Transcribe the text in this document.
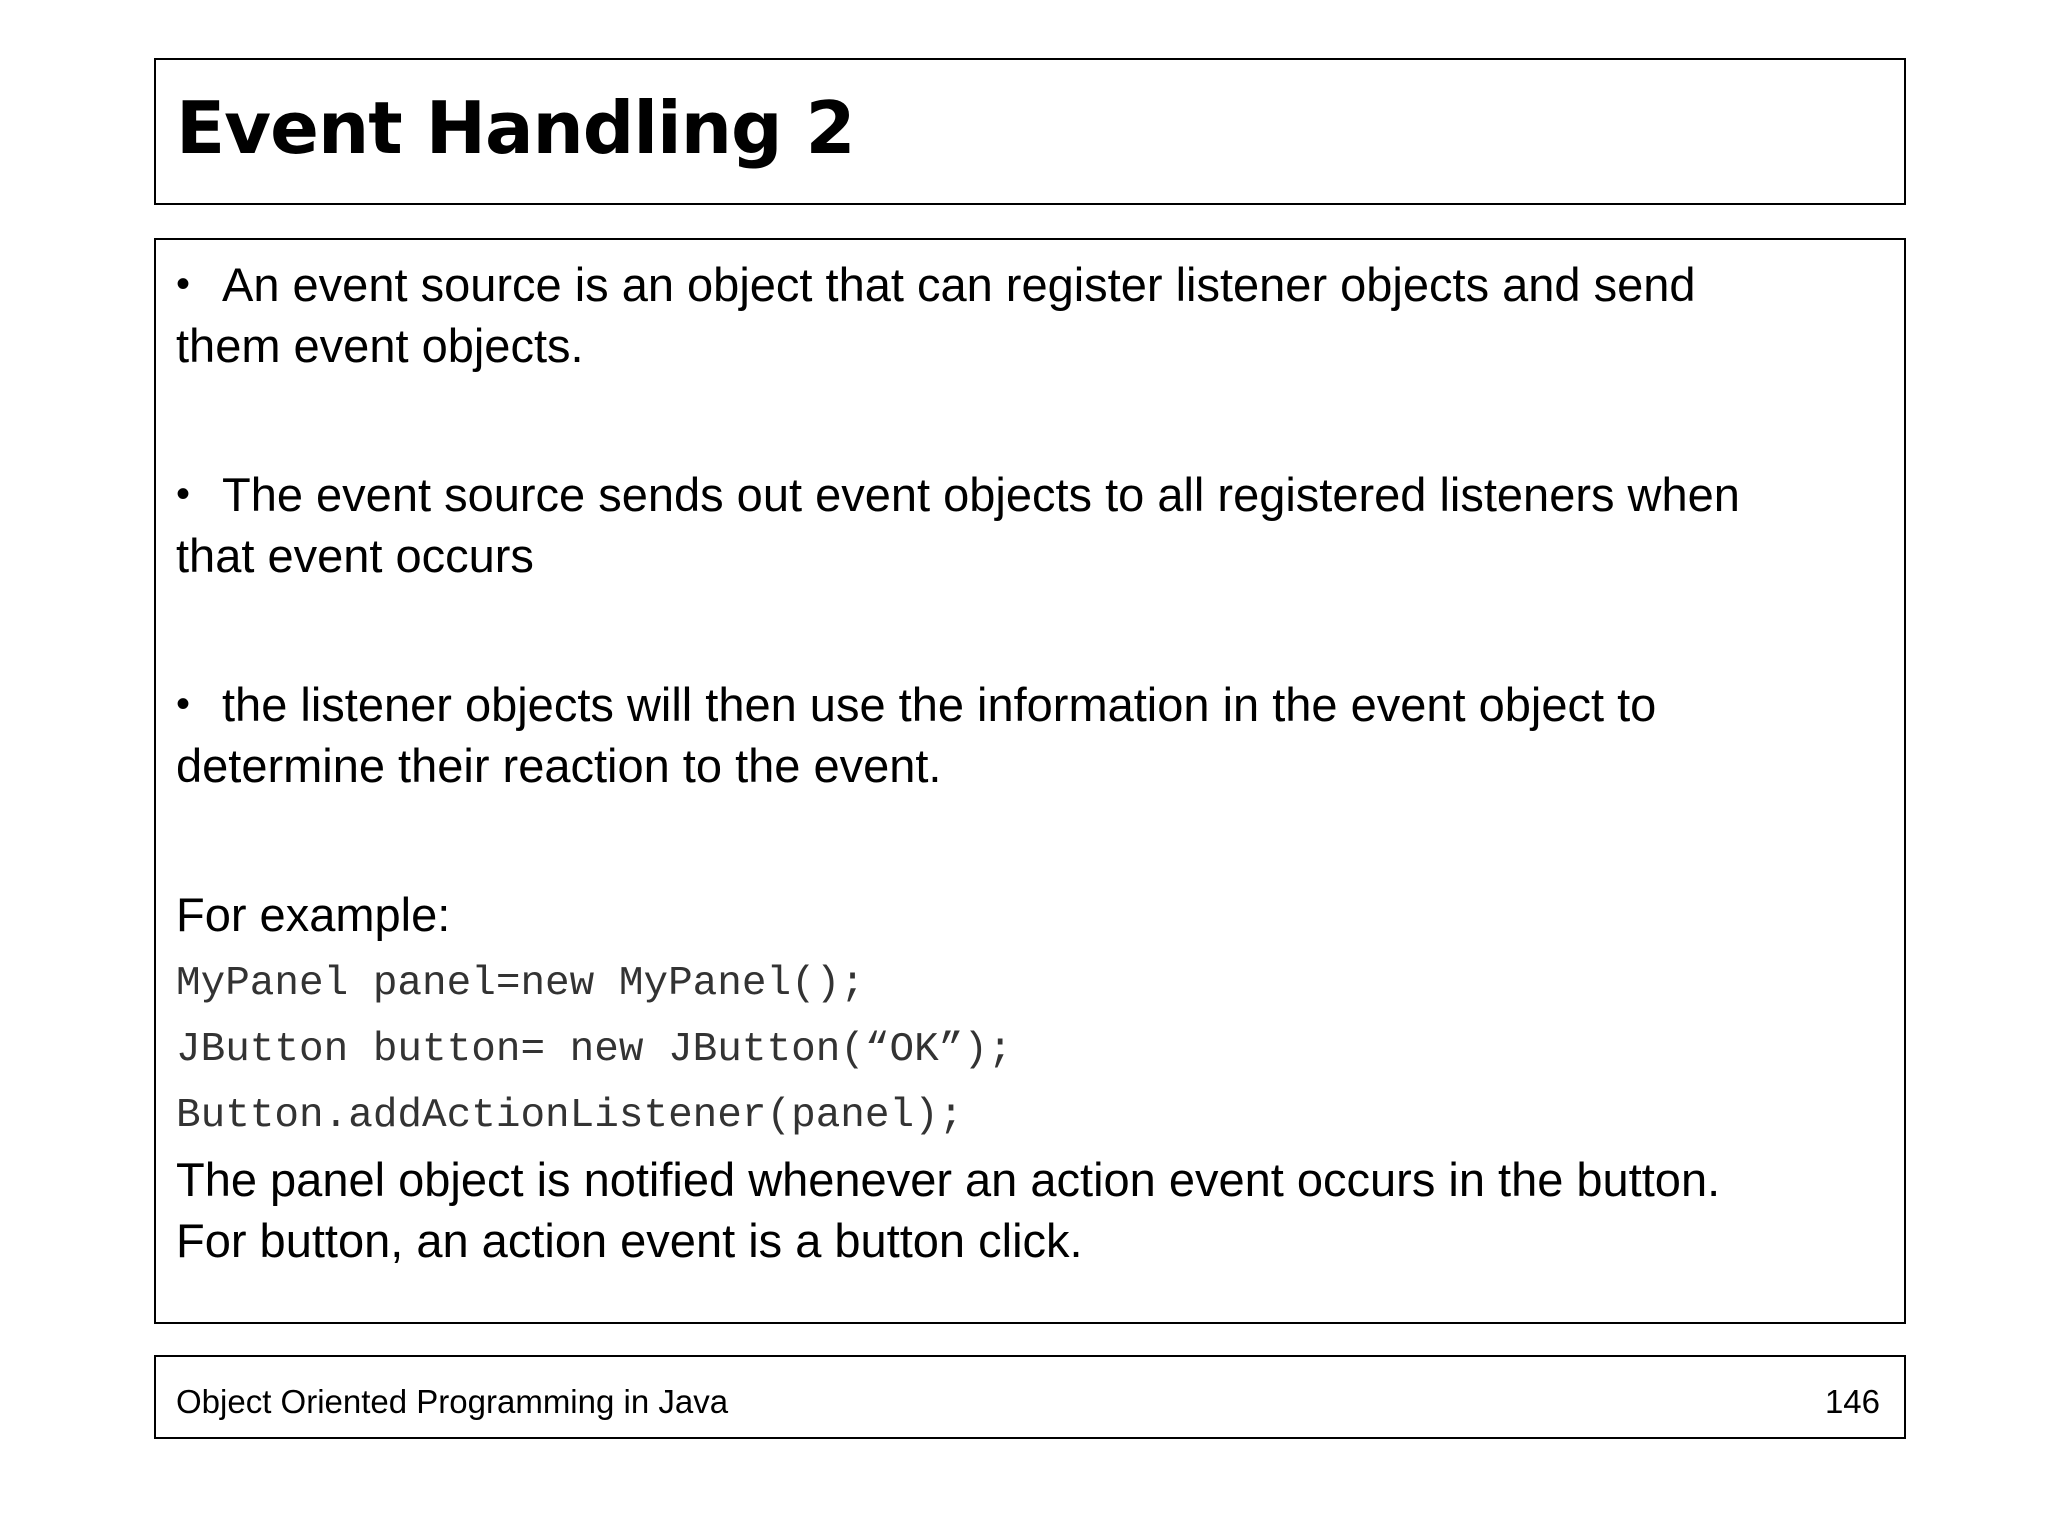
Event Handling 2
• An event source is an object that can register listener objects and send
them event objects.
• The event source sends out event objects to all registered listeners when
that event occurs
• the listener objects will then use the information in the event object to
determine their reaction to the event.
For example:
MyPanel panel=new MyPanel();
JButton button= new JButton(“OK”);
Button.addActionListener(panel);
The panel object is notified whenever an action event occurs in the button.
For button, an action event is a button click.
Object Oriented Programming in Java	146
